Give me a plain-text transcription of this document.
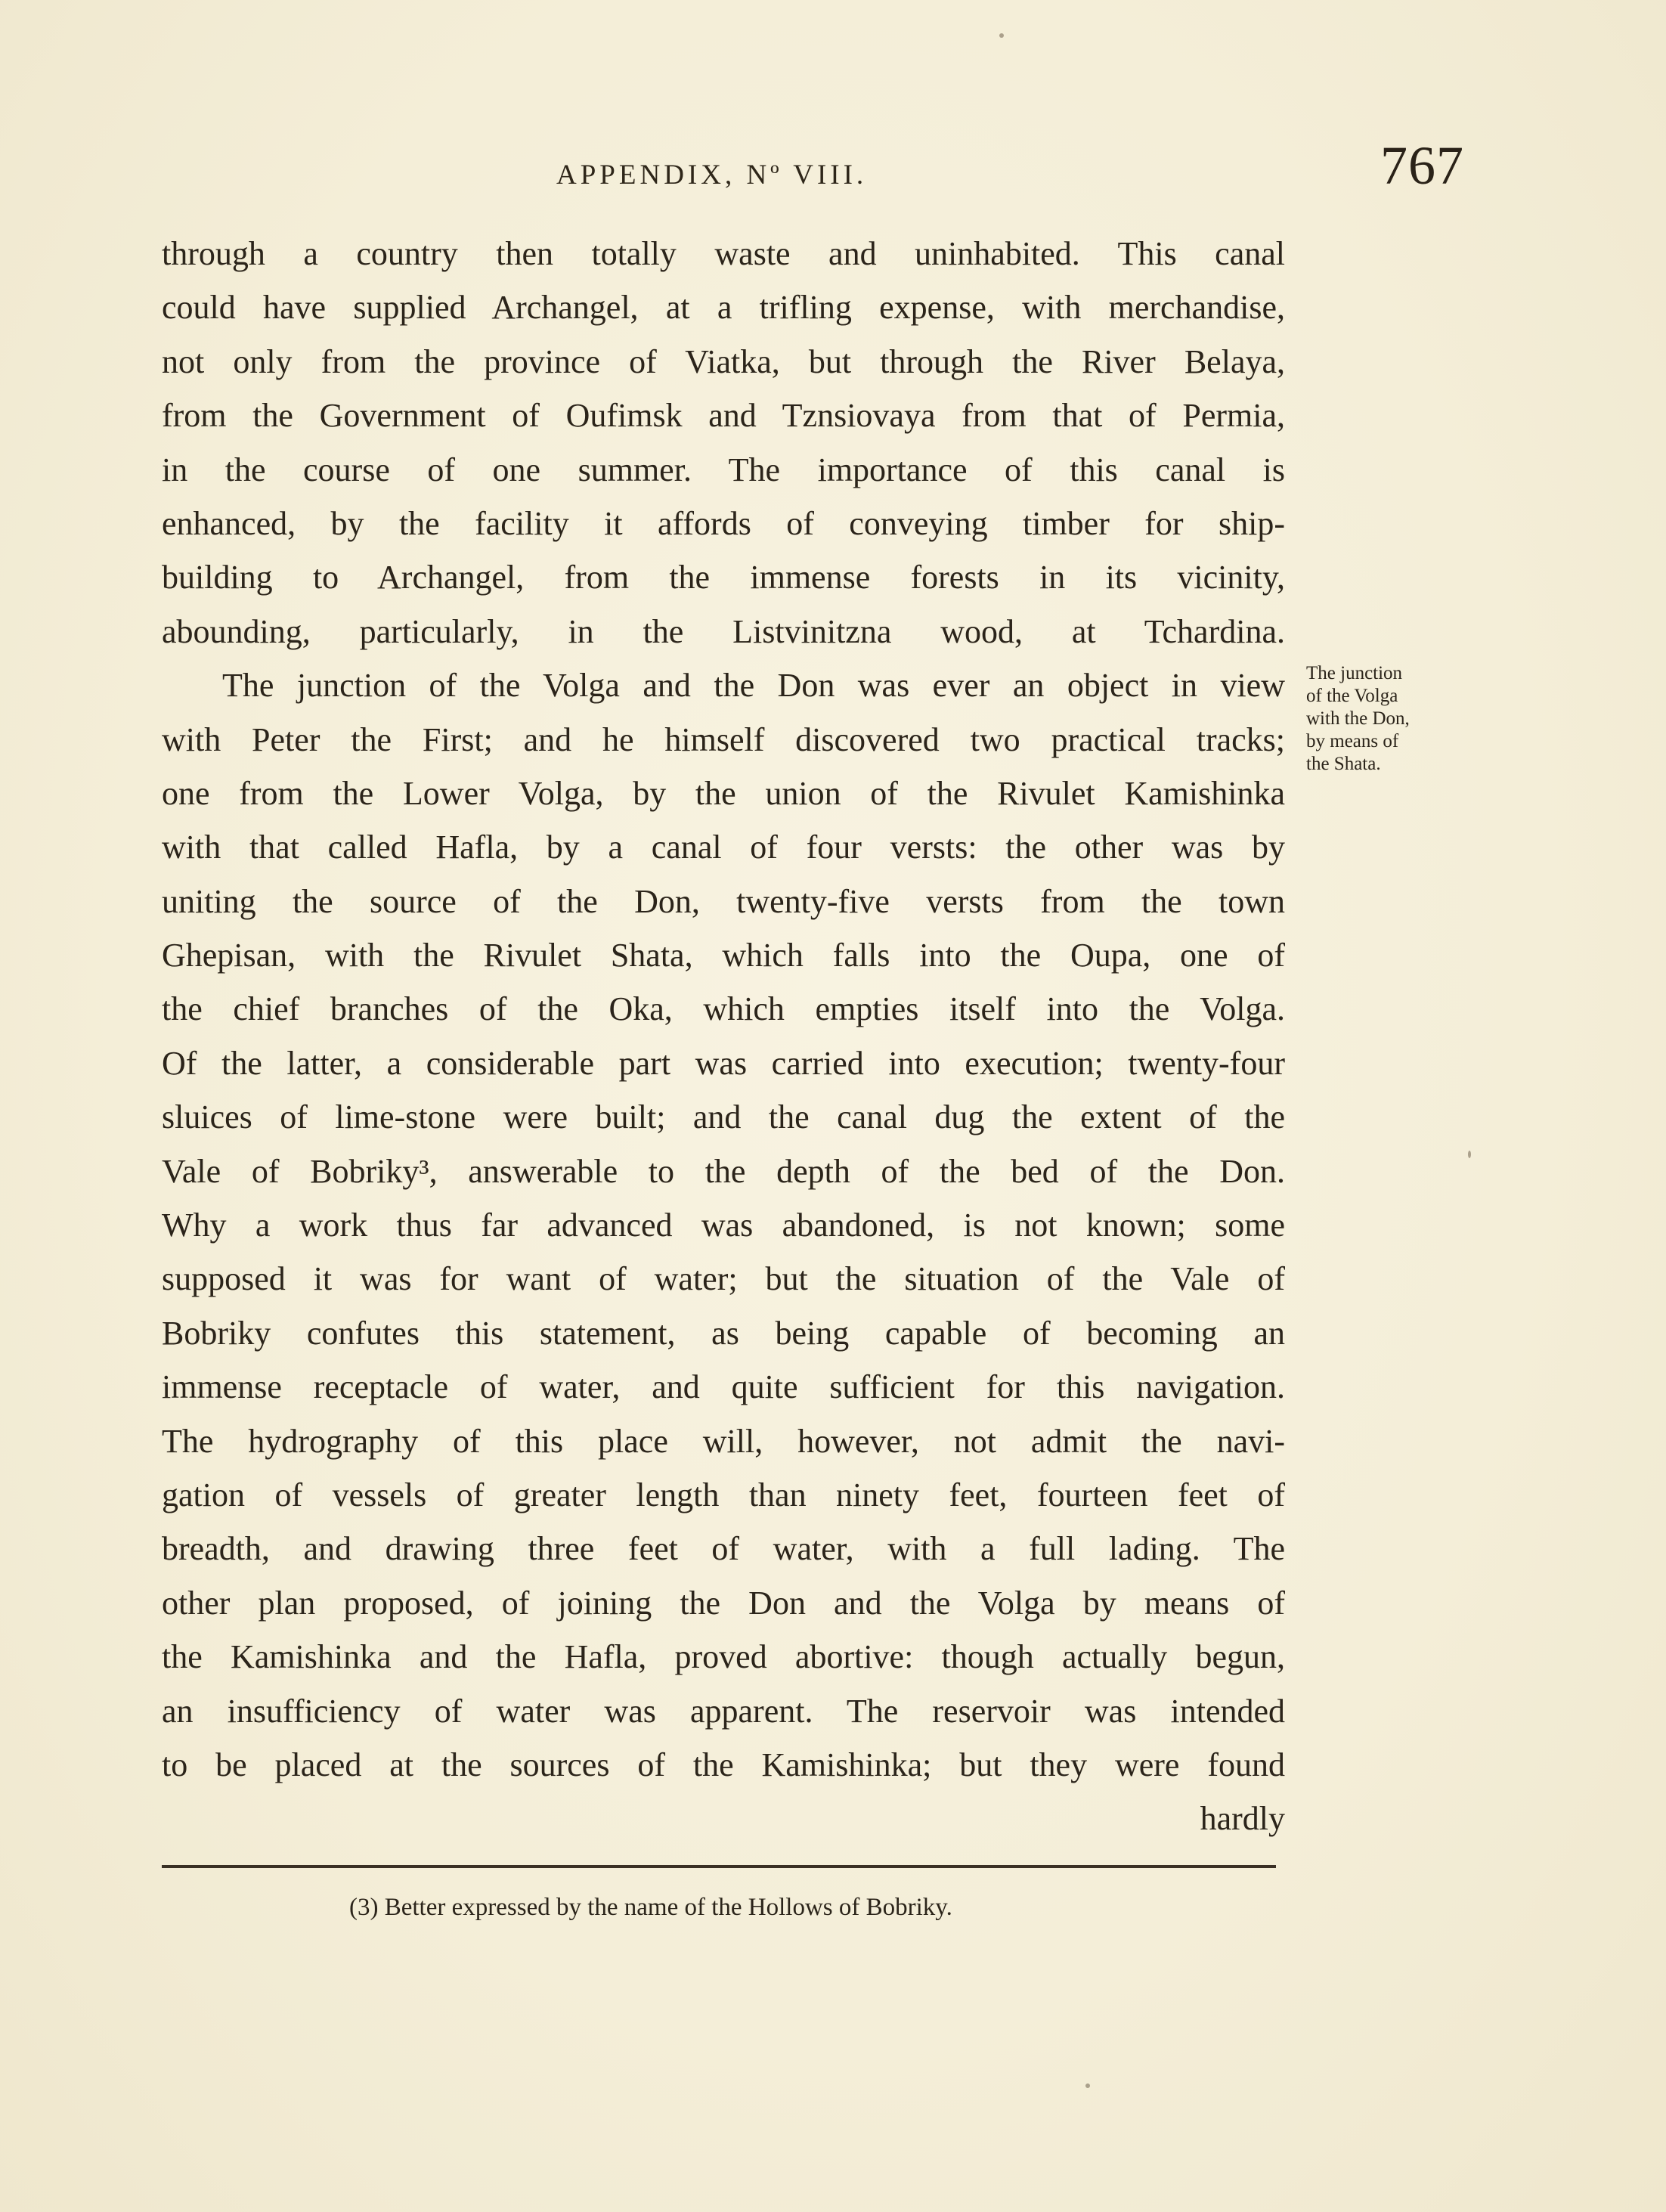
APPENDIX, Nº VIII.	767
through a country then totally waste and uninhabited. This canal
could have supplied Archangel, at a trifling expense, with merchandise,
not only from the province of Viatka, but through the River Belaya,
from the Government of Oufimsk and Tznsiovaya from that of Permia,
in the course of one summer. The importance of this canal is
enhanced, by the facility it affords of conveying timber for ship-
building to Archangel, from the immense forests in its vicinity,
abounding, particularly, in the Listvinitzna wood, at Tchardina.
The junction of the Volga and the Don was ever an object in view
with Peter the First; and he himself discovered two practical tracks;
one from the Lower Volga, by the union of the Rivulet Kamishinka
with that called Hafla, by a canal of four versts: the other was by
uniting the source of the Don, twenty-five versts from the town
Ghepisan, with the Rivulet Shata, which falls into the Oupa, one of
the chief branches of the Oka, which empties itself into the Volga.
Of the latter, a considerable part was carried into execution; twenty-four
sluices of lime-stone were built; and the canal dug the extent of the
Vale of Bobriky³, answerable to the depth of the bed of the Don.
Why a work thus far advanced was abandoned, is not known; some
supposed it was for want of water; but the situation of the Vale of
Bobriky confutes this statement, as being capable of becoming an
immense receptacle of water, and quite sufficient for this navigation.
The hydrography of this place will, however, not admit the navi-
gation of vessels of greater length than ninety feet, fourteen feet of
breadth, and drawing three feet of water, with a full lading. The
other plan proposed, of joining the Don and the Volga by means of
the Kamishinka and the Hafla, proved abortive: though actually begun,
an insufficiency of water was apparent. The reservoir was intended
to be placed at the sources of the Kamishinka; but they were found
hardly
The junction
of the Volga
with the Don,
by means of
the Shata.
(3) Better expressed by the name of the Hollows of Bobriky.
